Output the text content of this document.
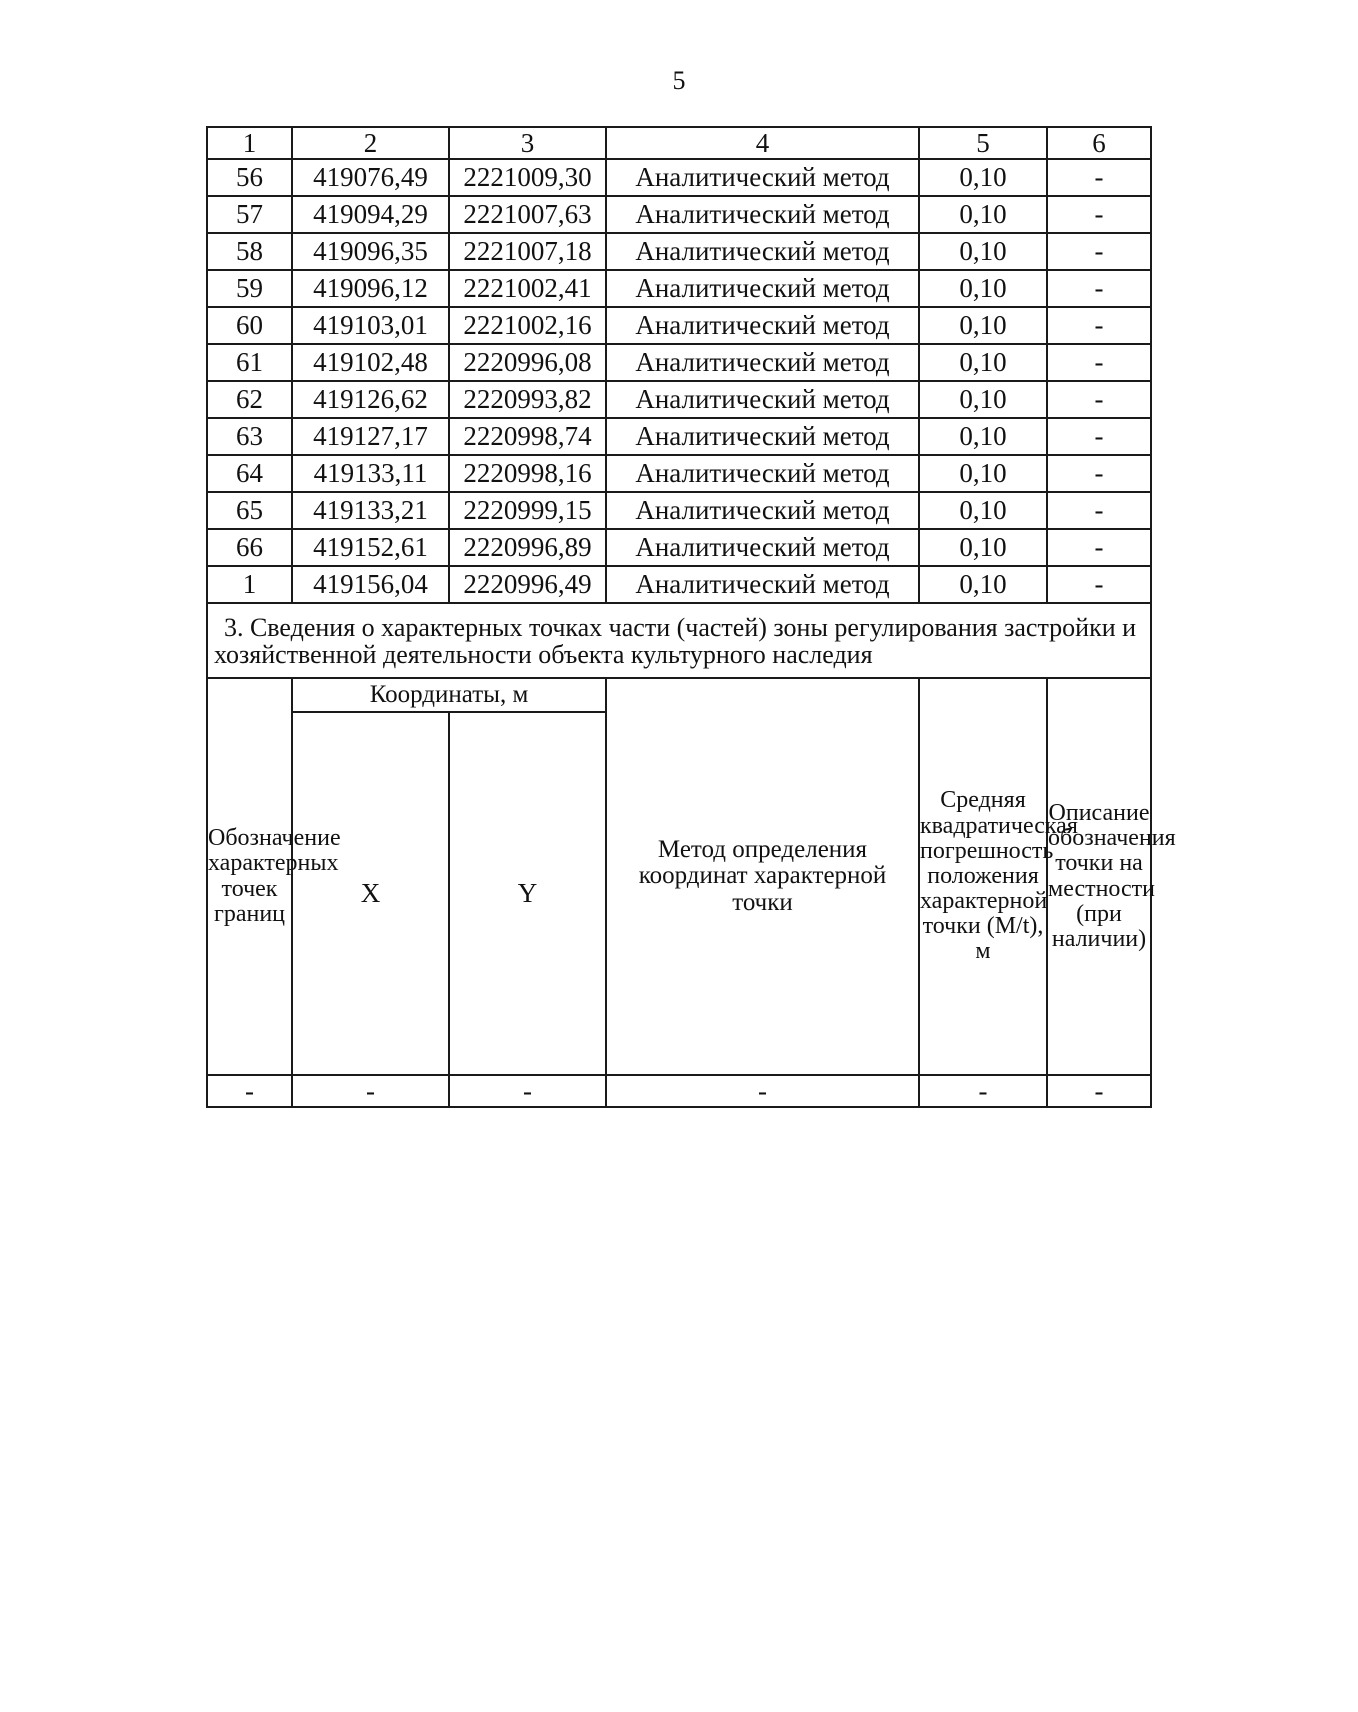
5
1	2	3	4	5	6
56	419076,49	2221009,30	Аналитический метод	0,10	-
57	419094,29	2221007,63	Аналитический метод	0,10	-
58	419096,35	2221007,18	Аналитический метод	0,10	-
59	419096,12	2221002,41	Аналитический метод	0,10	-
60	419103,01	2221002,16	Аналитический метод	0,10	-
61	419102,48	2220996,08	Аналитический метод	0,10	-
62	419126,62	2220993,82	Аналитический метод	0,10	-
63	419127,17	2220998,74	Аналитический метод	0,10	-
64	419133,11	2220998,16	Аналитический метод	0,10	-
65	419133,21	2220999,15	Аналитический метод	0,10	-
66	419152,61	2220996,89	Аналитический метод	0,10	-
1	419156,04	2220996,49	Аналитический метод	0,10	-
3. Сведения о характерных точках части (частей) зоны регулирования застройки и хозяйственной деятельности объекта культурного наследия					
Обозначение характерных точек границ	Координаты, м		Метод определения координат характерной точки	Средняя квадратическая погрешность положения характерной точки (M/t), м	Описание обозначения точки на местности (при наличии)
	X	Y			
-	-	-	-	-	-
